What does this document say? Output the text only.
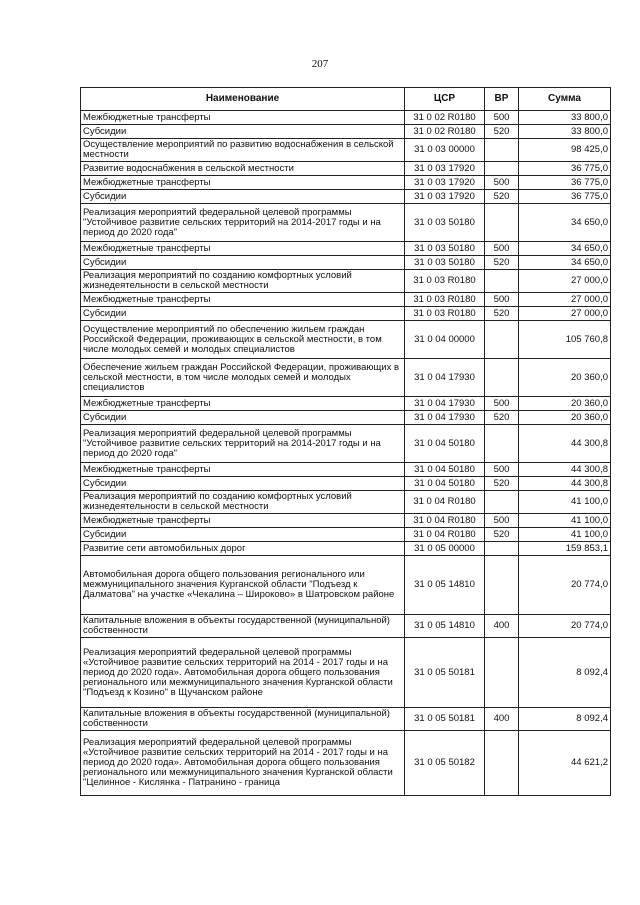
207
Наименование	ЦСР	ВР	Сумма
Межбюджетные трансферты	31 0 02 R0180	500	33 800,0
Субсидии	31 0 02 R0180	520	33 800,0
Осуществление мероприятий по развитию водоснабжения в сельской местности	31 0 03 00000		98 425,0
Развитие водоснабжения в сельской местности	31 0 03 17920		36 775,0
Межбюджетные трансферты	31 0 03 17920	500	36 775,0
Субсидии	31 0 03 17920	520	36 775,0
Реализация мероприятий федеральной целевой программы "Устойчивое развитие сельских территорий на 2014-2017 годы и на период до 2020 года"	31 0 03 50180		34 650,0
Межбюджетные трансферты	31 0 03 50180	500	34 650,0
Субсидии	31 0 03 50180	520	34 650,0
Реализация мероприятий по созданию комфортных условий жизнедеятельности в сельской местности	31 0 03 R0180		27 000,0
Межбюджетные трансферты	31 0 03 R0180	500	27 000,0
Субсидии	31 0 03 R0180	520	27 000,0
Осуществление мероприятий по обеспечению жильем граждан Российской Федерации, проживающих в сельской местности, в том числе молодых семей и молодых специалистов	31 0 04 00000		105 760,8
Обеспечение жильем граждан Российской Федерации, проживающих в сельской местности, в том числе молодых семей и молодых специалистов	31 0 04 17930		20 360,0
Межбюджетные трансферты	31 0 04 17930	500	20 360,0
Субсидии	31 0 04 17930	520	20 360,0
Реализация мероприятий федеральной целевой программы "Устойчивое развитие сельских территорий на 2014-2017 годы и на период до 2020 года"	31 0 04 50180		44 300,8
Межбюджетные трансферты	31 0 04 50180	500	44 300,8
Субсидии	31 0 04 50180	520	44 300,8
Реализация мероприятий по созданию комфортных условий жизнедеятельности в сельской местности	31 0 04 R0180		41 100,0
Межбюджетные трансферты	31 0 04 R0180	500	41 100,0
Субсидии	31 0 04 R0180	520	41 100,0
Развитие сети автомобильных дорог	31 0 05 00000		159 853,1
Автомобильная дорога общего пользования регионального или межмуниципального значения Курганской области "Подъезд к Далматова" на участке «Чекалина – Широково» в Шатровском районе	31 0 05 14810		20 774,0
Капитальные вложения в объекты государственной (муниципальной) собственности	31 0 05 14810	400	20 774,0
Реализация мероприятий федеральной целевой программы «Устойчивое развитие сельских территорий на 2014 - 2017 годы и на период до 2020 года». Автомобильная дорога общего пользования регионального или межмуниципального значения Курганской области "Подъезд к Козино" в Щучанском районе	31 0 05 50181		8 092,4
Капитальные вложения в объекты государственной (муниципальной) собственности	31 0 05 50181	400	8 092,4
Реализация мероприятий федеральной целевой программы «Устойчивое развитие сельских территорий на 2014 - 2017 годы и на период до 2020 года». Автомобильная дорога общего пользования регионального или межмуниципального значения Курганской области "Целинное - Кислянка - Патранино - граница	31 0 05 50182		44 621,2
